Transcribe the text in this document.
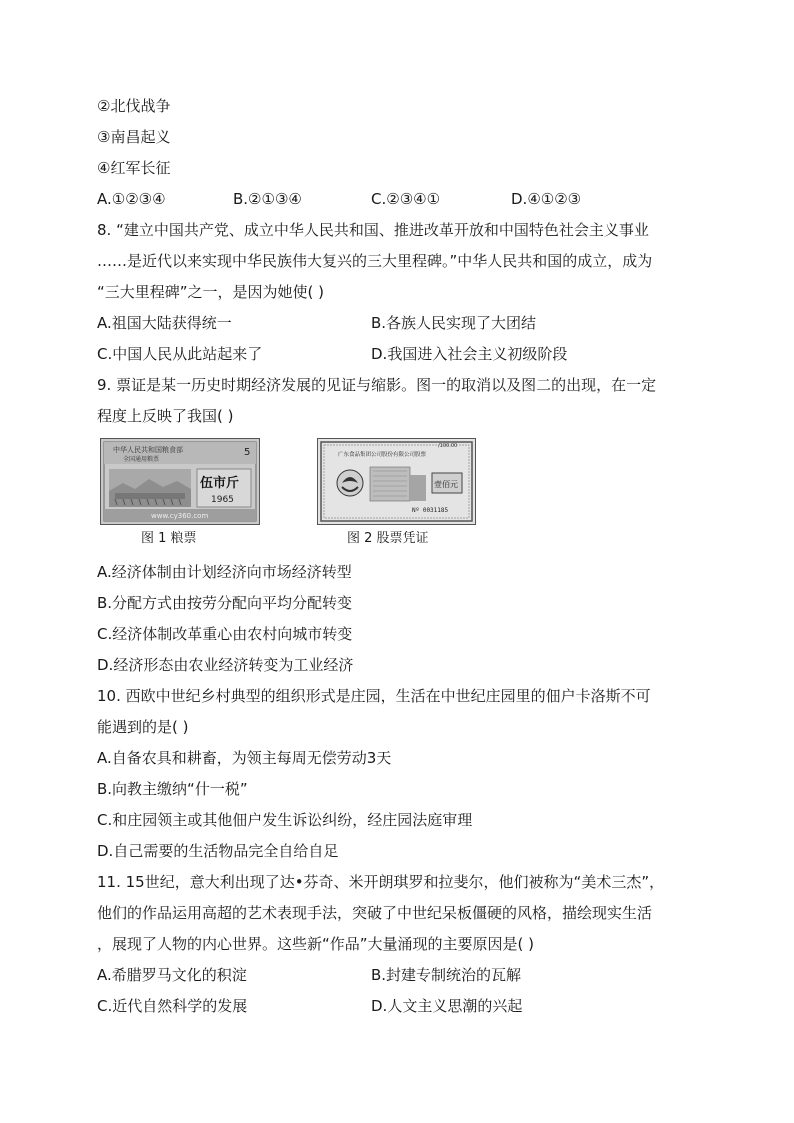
②北伐战争
③南昌起义
④红军长征
A.①②③④	B.②①③④	C.②③④①	D.④①②③
8. “建立中国共产党、成立中华人民共和国、推进改革开放和中国特色社会主义事业
……是近代以来实现中华民族伟大复兴的三大里程碑。”中华人民共和国的成立，成为
“三大里程碑”之一，是因为她使( )
A.祖国大陆获得统一	B.各族人民实现了大团结
C.中国人民从此站起来了	D.我国进入社会主义初级阶段
9. 票证是某一历史时期经济发展的见证与缩影。图一的取消以及图二的出现，在一定
程度上反映了我国( )
中华人民共和国粮食部
全国通用粮票
5
伍市斤
1965
www.cy360.com
图 1 粮票
/100.00
广东食品集团公司股份有限公司股票
壹佰元
Nº 0031185
图 2 股票凭证
A.经济体制由计划经济向市场经济转型
B.分配方式由按劳分配向平均分配转变
C.经济体制改革重心由农村向城市转变
D.经济形态由农业经济转变为工业经济
10. 西欧中世纪乡村典型的组织形式是庄园，生活在中世纪庄园里的佃户卡洛斯不可
能遇到的是( )
A.自备农具和耕畜，为领主每周无偿劳动3天
B.向教主缴纳“什一税”
C.和庄园领主或其他佃户发生诉讼纠纷，经庄园法庭审理
D.自己需要的生活物品完全自给自足
11. 15世纪，意大利出现了达•芬奇、米开朗琪罗和拉斐尔，他们被称为“美术三杰”，
他们的作品运用高超的艺术表现手法，突破了中世纪呆板僵硬的风格，描绘现实生活
，展现了人物的内心世界。这些新“作品”大量涌现的主要原因是( )
A.希腊罗马文化的积淀	B.封建专制统治的瓦解
C.近代自然科学的发展	D.人文主义思潮的兴起
